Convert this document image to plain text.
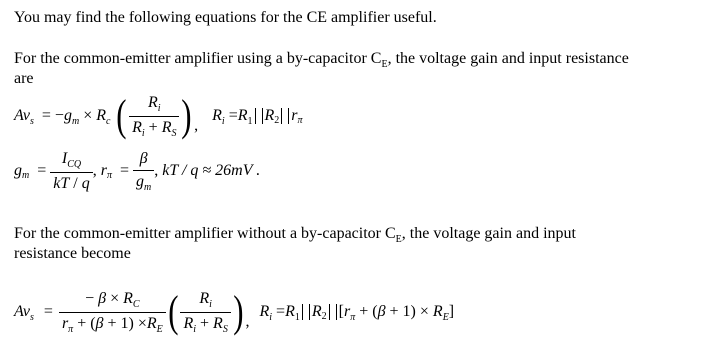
You may find the following equations for the CE amplifier useful.
For the common-emitter amplifier using a by-capacitor $C_E$, the voltage gain and input resistance
are
$Av_s = -g_m \times R_c$ ( $\frac{R_i}{R_i + R_S}$ ) ,
$R_i =R_1$ R 2 r π
g $m = \frac{I_{CQ}}{kT / q}$ , r $\pi = \frac{\beta}{g_m}$ , kT / q ≈ 26mV .
For the common-emitter amplifier without a by-capacitor $C_E$, the voltage gain and input
resistance become
$Av_s = \frac{- \beta \times R_C}{r_\pi + (\beta + 1) \times R_E}$ ( $\frac{R_i}{R_i + R_S}$ ) ,
$R_i =R_1$ R 2 $[r_\pi + (\beta + 1) \times R_E]$
